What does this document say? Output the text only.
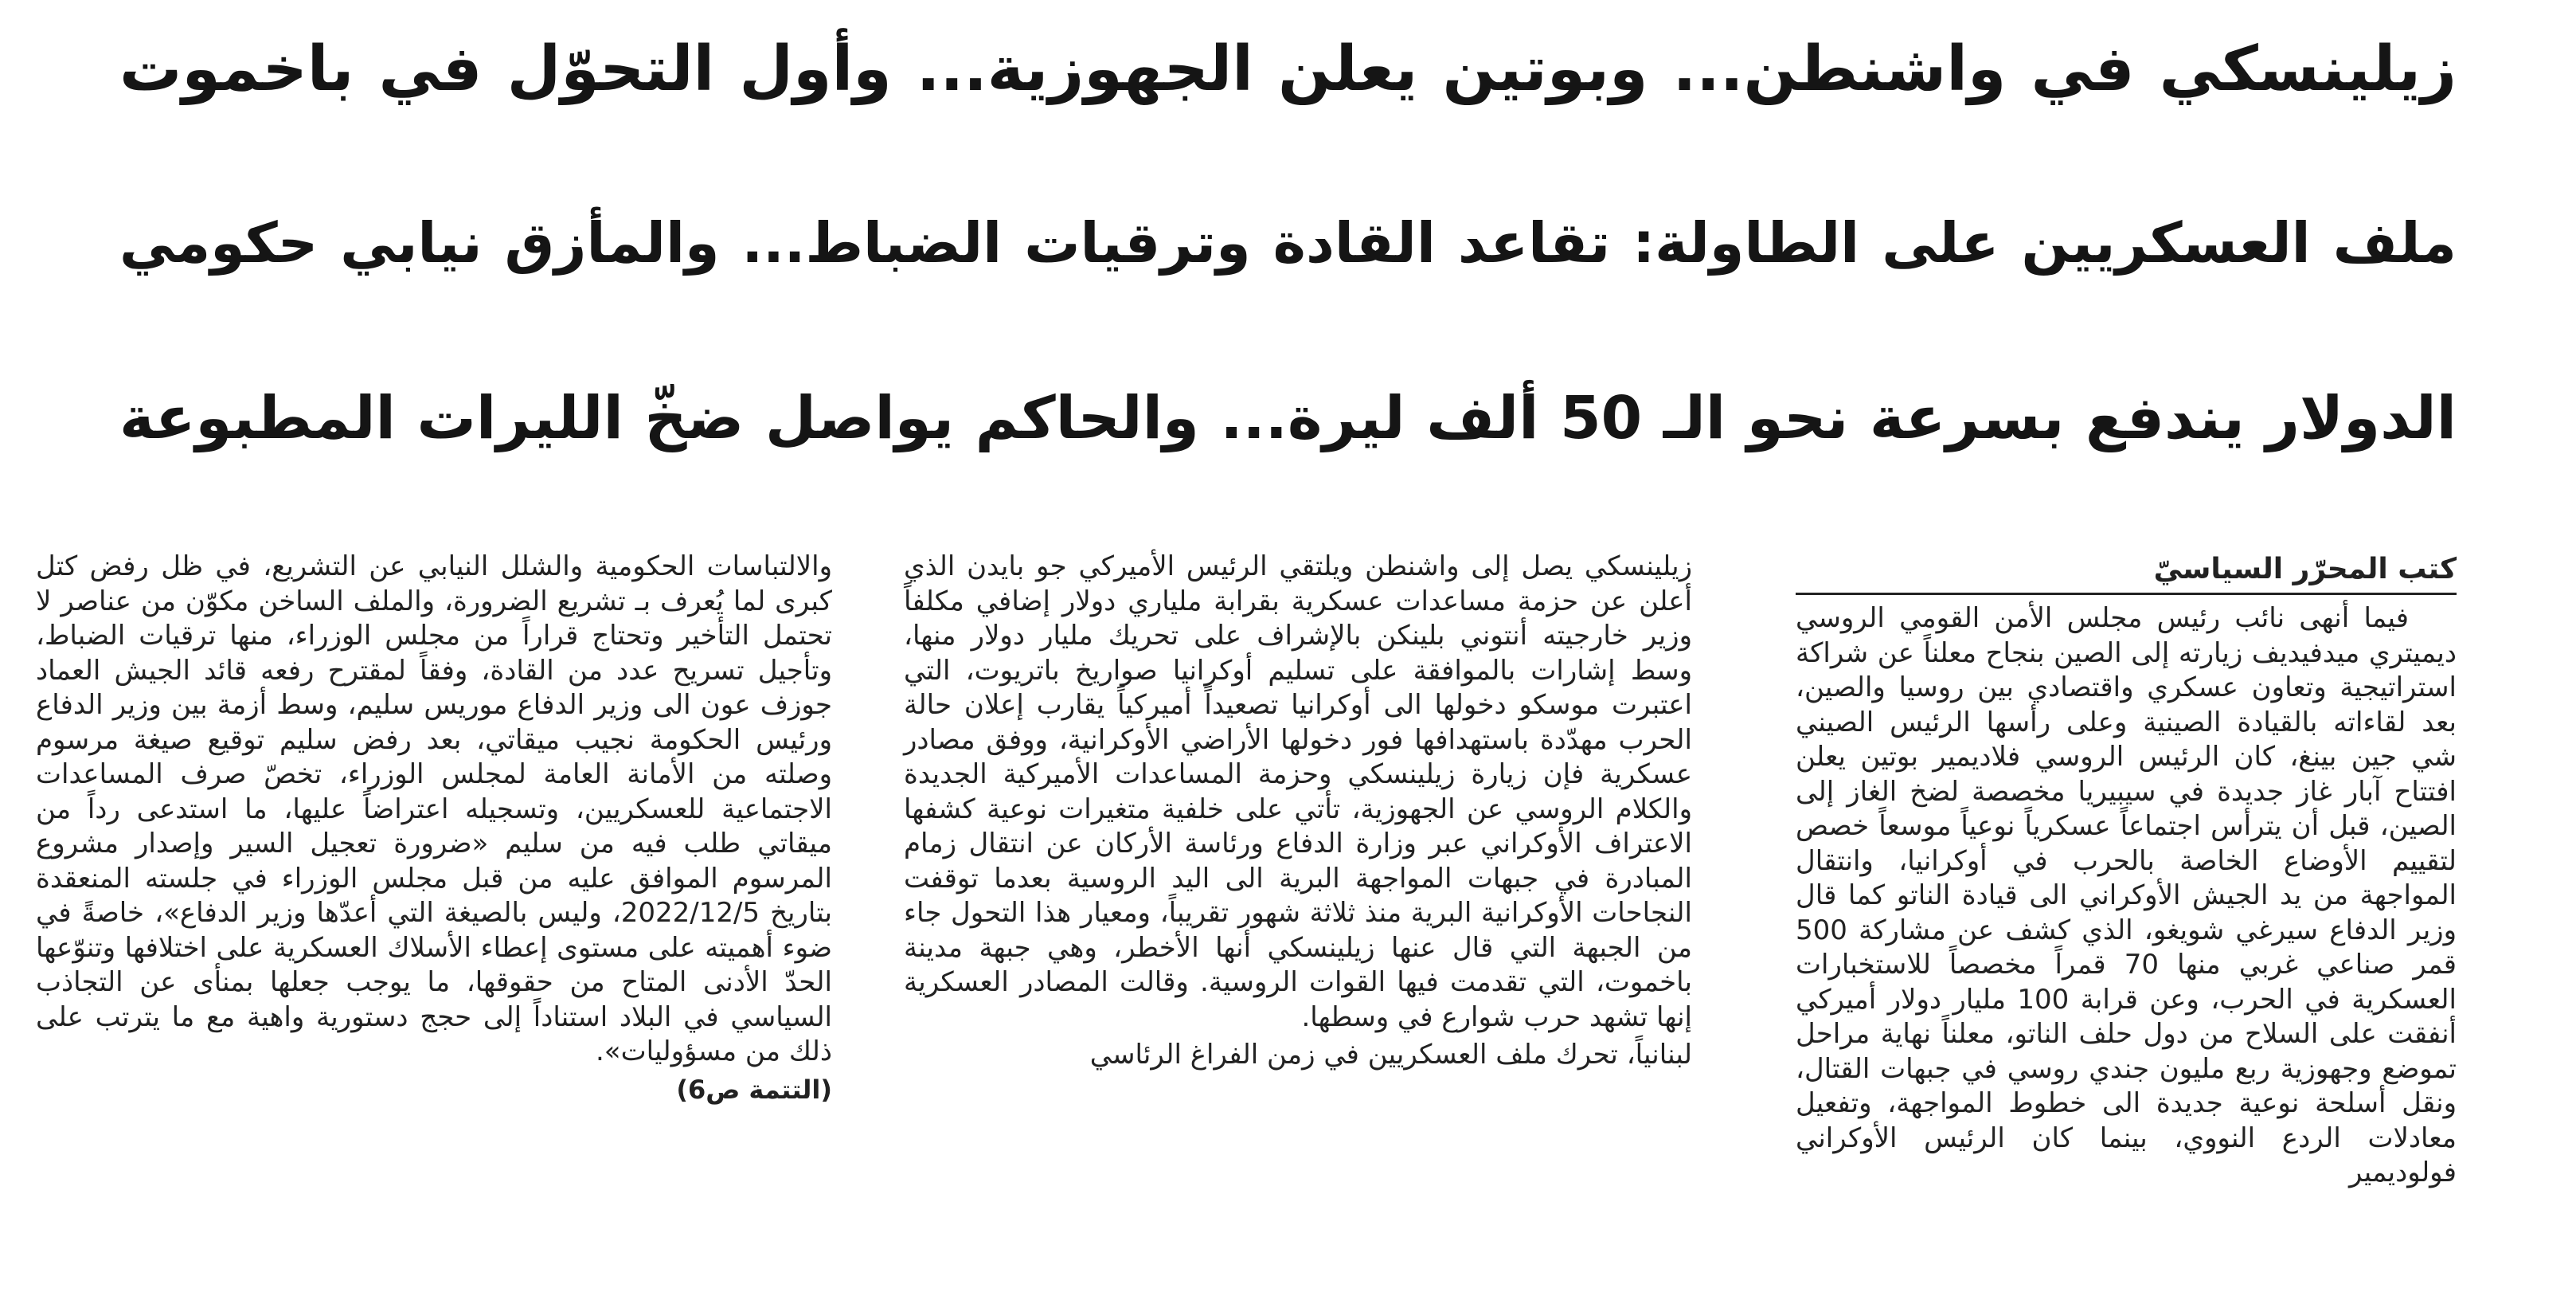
زيلينسكي في واشنطن... وبوتين يعلن الجهوزية... وأول التحوّل في باخموت
ملف العسكريين على الطاولة: تقاعد القادة وترقيات الضباط... والمأزق نيابي حكومي
الدولار يندفع بسرعة نحو الـ 50 ألف ليرة... والحاكم يواصل ضخّ الليرات المطبوعة
كتب المحرّر السياسيّ

فيما أنهى نائب رئيس مجلس الأمن القومي الروسي ديميتري ميدفيديف زيارته إلى الصين بنجاح معلناً عن شراكة استراتيجية وتعاون عسكري واقتصادي بين روسيا والصين، بعد لقاءاته بالقيادة الصينية وعلى رأسها الرئيس الصيني شي جين بينغ، كان الرئيس الروسي فلاديمير بوتين يعلن افتتاح آبار غاز جديدة في سيبيريا مخصصة لضخ الغاز إلى الصين، قبل أن يترأس اجتماعاً عسكرياً نوعياً موسعاً خصص لتقييم الأوضاع الخاصة بالحرب في أوكرانيا، وانتقال المواجهة من يد الجيش الأوكراني الى قيادة الناتو كما قال وزير الدفاع سيرغي شويغو، الذي كشف عن مشاركة 500 قمر صناعي غربي منها 70 قمراً مخصصاً للاستخبارات العسكرية في الحرب، وعن قرابة 100 مليار دولار أميركي أنفقت على السلاح من دول حلف الناتو، معلناً نهاية مراحل تموضع وجهوزية ربع مليون جندي روسي في جبهات القتال، ونقل أسلحة نوعية جديدة الى خطوط المواجهة، وتفعيل معادلات الردع النووي، بينما كان الرئيس الأوكراني فولوديمير

زيلينسكي يصل إلى واشنطن ويلتقي الرئيس الأميركي جو بايدن الذي أعلن عن حزمة مساعدات عسكرية بقرابة ملياري دولار إضافي مكلفاً وزير خارجيته أنتوني بلينكن بالإشراف على تحريك مليار دولار منها، وسط إشارات بالموافقة على تسليم أوكرانيا صواريخ باتريوت، التي اعتبرت موسكو دخولها الى أوكرانيا تصعيداً أميركياً يقارب إعلان حالة الحرب مهدّدة باستهدافها فور دخولها الأراضي الأوكرانية، ووفق مصادر عسكرية فإن زيارة زيلينسكي وحزمة المساعدات الأميركية الجديدة والكلام الروسي عن الجهوزية، تأتي على خلفية متغيرات نوعية كشفها الاعتراف الأوكراني عبر وزارة الدفاع ورئاسة الأركان عن انتقال زمام المبادرة في جبهات المواجهة البرية الى اليد الروسية بعدما توقفت النجاحات الأوكرانية البرية منذ ثلاثة شهور تقريباً، ومعيار هذا التحول جاء من الجبهة التي قال عنها زيلينسكي أنها الأخطر، وهي جبهة مدينة باخموت، التي تقدمت فيها القوات الروسية. وقالت المصادر العسكرية إنها تشهد حرب شوارع في وسطها.

لبنانياً، تحرك ملف العسكريين في زمن الفراغ الرئاسي

والالتباسات الحكومية والشلل النيابي عن التشريع، في ظل رفض كتل كبرى لما يُعرف بـ تشريع الضرورة، والملف الساخن مكوّن من عناصر لا تحتمل التأخير وتحتاج قراراً من مجلس الوزراء، منها ترقيات الضباط، وتأجيل تسريح عدد من القادة، وفقاً لمقترح رفعه قائد الجيش العماد جوزف عون الى وزير الدفاع موريس سليم، وسط أزمة بين وزير الدفاع ورئيس الحكومة نجيب ميقاتي، بعد رفض سليم توقيع صيغة مرسوم وصلته من الأمانة العامة لمجلس الوزراء، تخصّ صرف المساعدات الاجتماعية للعسكريين، وتسجيله اعتراضاً عليها، ما استدعى رداً من ميقاتي طلب فيه من سليم «ضرورة تعجيل السير وإصدار مشروع المرسوم الموافق عليه من قبل مجلس الوزراء في جلسته المنعقدة بتاريخ 2022/12/5، وليس بالصيغة التي أعدّها وزير الدفاع»، خاصةً في ضوء أهميته على مستوى إعطاء الأسلاك العسكرية على اختلافها وتنوّعها الحدّ الأدنى المتاح من حقوقها، ما يوجب جعلها بمنأى عن التجاذب السياسي في البلاد استناداً إلى حجج دستورية واهية مع ما يترتب على ذلك من مسؤوليات».

(التتمة ص6)
